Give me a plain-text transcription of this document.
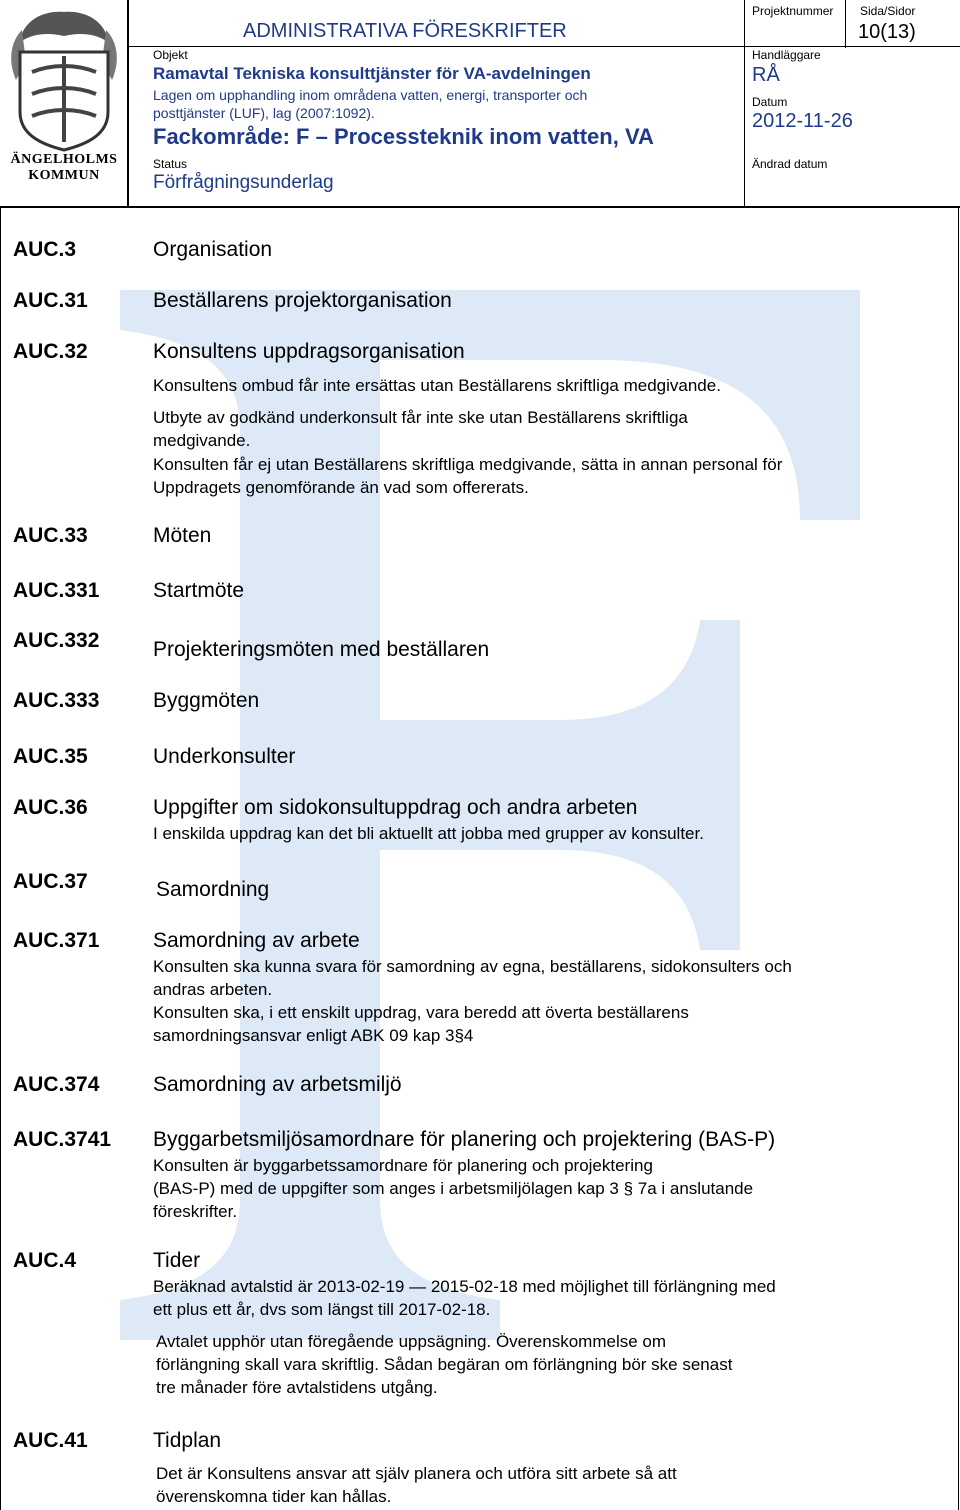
ÄNGELHOLMS KOMMUN
ADMINISTRATIVA FÖRESKRIFTER
Projektnummer Sida/Sidor
10(13)
Objekt
Ramavtal Tekniska konsulttjänster för VA-avdelningen
Lagen om upphandling inom områdena vatten, energi, transporter och
posttjänster (LUF), lag (2007:1092).
Fackområde: F – Processteknik inom vatten, VA
Status
Förfrågningsunderlag
Handläggare
RÅ
Datum
2012-11-26
Ändrad datum
AUC.3	Organisation
AUC.31	Beställarens projektorganisation
AUC.32	Konsultens uppdragsorganisation
Konsultens ombud får inte ersättas utan Beställarens skriftliga medgivande.
Utbyte av godkänd underkonsult får inte ske utan Beställarens skriftliga
medgivande.
Konsulten får ej utan Beställarens skriftliga medgivande, sätta in annan personal för
Uppdragets genomförande än vad som offererats.
AUC.33	Möten
AUC.331	Startmöte
AUC.332	Projekteringsmöten med beställaren
AUC.333	Byggmöten
AUC.35	Underkonsulter
AUC.36	Uppgifter om sidokonsultuppdrag och andra arbeten
I enskilda uppdrag kan det bli aktuellt att jobba med grupper av konsulter.
AUC.37	Samordning
AUC.371	Samordning av arbete
Konsulten ska kunna svara för samordning av egna, beställarens, sidokonsulters och
andras arbeten.
Konsulten ska, i ett enskilt uppdrag, vara beredd att överta beställarens
samordningsansvar enligt ABK 09 kap 3§4
AUC.374	Samordning av arbetsmiljö
AUC.3741 Byggarbetsmiljösamordnare för planering och projektering (BAS-P)
Konsulten är byggarbetssamordnare för planering och projektering
(BAS-P) med de uppgifter som anges i arbetsmiljölagen kap 3 § 7a i anslutande
föreskrifter.
AUC.4	Tider
Beräknad avtalstid är 2013-02-19 — 2015-02-18 med möjlighet till förlängning med
ett plus ett år, dvs som längst till 2017-02-18.
Avtalet upphör utan föregående uppsägning. Överenskommelse om
förlängning skall vara skriftlig. Sådan begäran om förlängning bör ske senast
tre månader före avtalstidens utgång.
AUC.41	Tidplan
Det är Konsultens ansvar att själv planera och utföra sitt arbete så att
överenskomna tider kan hållas.
